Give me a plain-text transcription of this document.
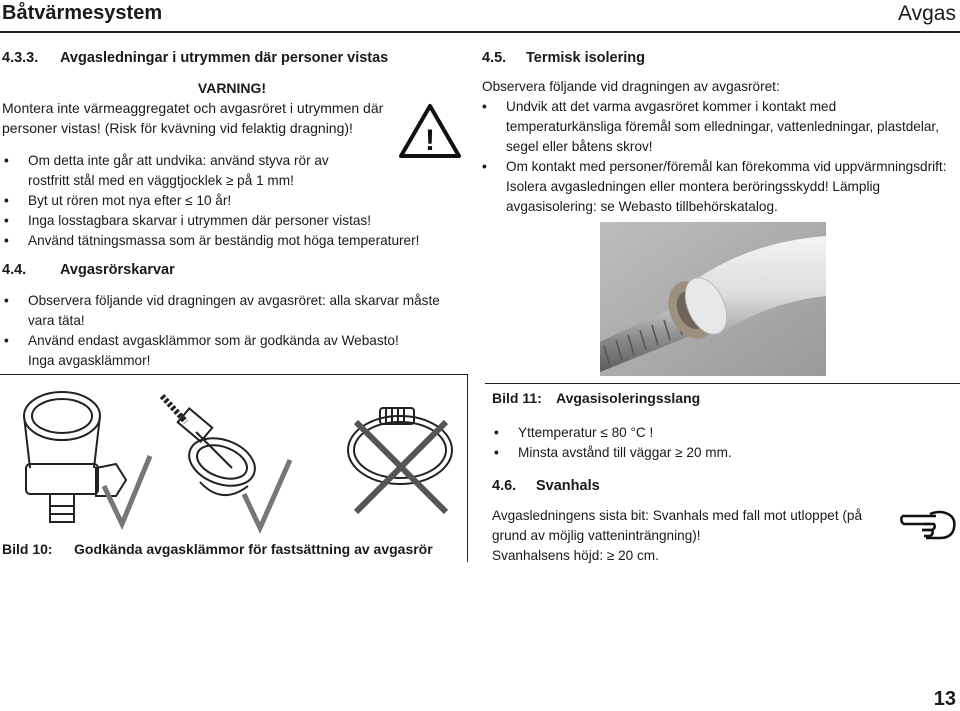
Båtvärmesystem	Avgas
4.3.3. Avgasledningar i utrymmen där personer vistas
VARNING!
Montera inte värmeaggregatet och avgasröret i utrymmen där personer vistas! (Risk för kvävning vid felaktig dragning)!	!
• Om detta inte går att undvika: använd styva rör av rostfritt stål med en väggtjocklek ≥ på 1 mm!
• Byt ut rören mot nya efter ≤ 10 år!
• Inga losstagbara skarvar i utrymmen där personer vistas!
• Använd tätningsmassa som är beständig mot höga temperaturer!
4.4. Avgasrörskarvar
• Observera följande vid dragningen av avgasröret: alla skarvar måste vara täta!
• Använd endast avgasklämmor som är godkända av Webasto! Inga avgasklämmor!
Bild 10: Godkända avgasklämmor för fastsättning av avgasrör
4.5. Termisk isolering

Observera följande vid dragningen av avgasröret:

• Undvik att det varma avgasröret kommer i kontakt med temperaturkänsliga föremål som elledningar, vattenledningar, plastdelar, segel eller båtens skrov!
• Om kontakt med personer/föremål kan förekomma vid uppvärmningsdrift: Isolera avgasledningen eller montera beröringsskydd! Lämplig avgasisolering: se Webasto tillbehörskatalog.
Bild 11: Avgasisoleringsslang
• Yttemperatur ≤ 80 °C !
• Minsta avstånd till väggar ≥ 20 mm.
4.6. Svanhals

Avgasledningens sista bit: Svanhals med fall mot utloppet (på grund av möjlig vatteninträngning)!

Svanhalsens höjd: ≥ 20 cm.

13
